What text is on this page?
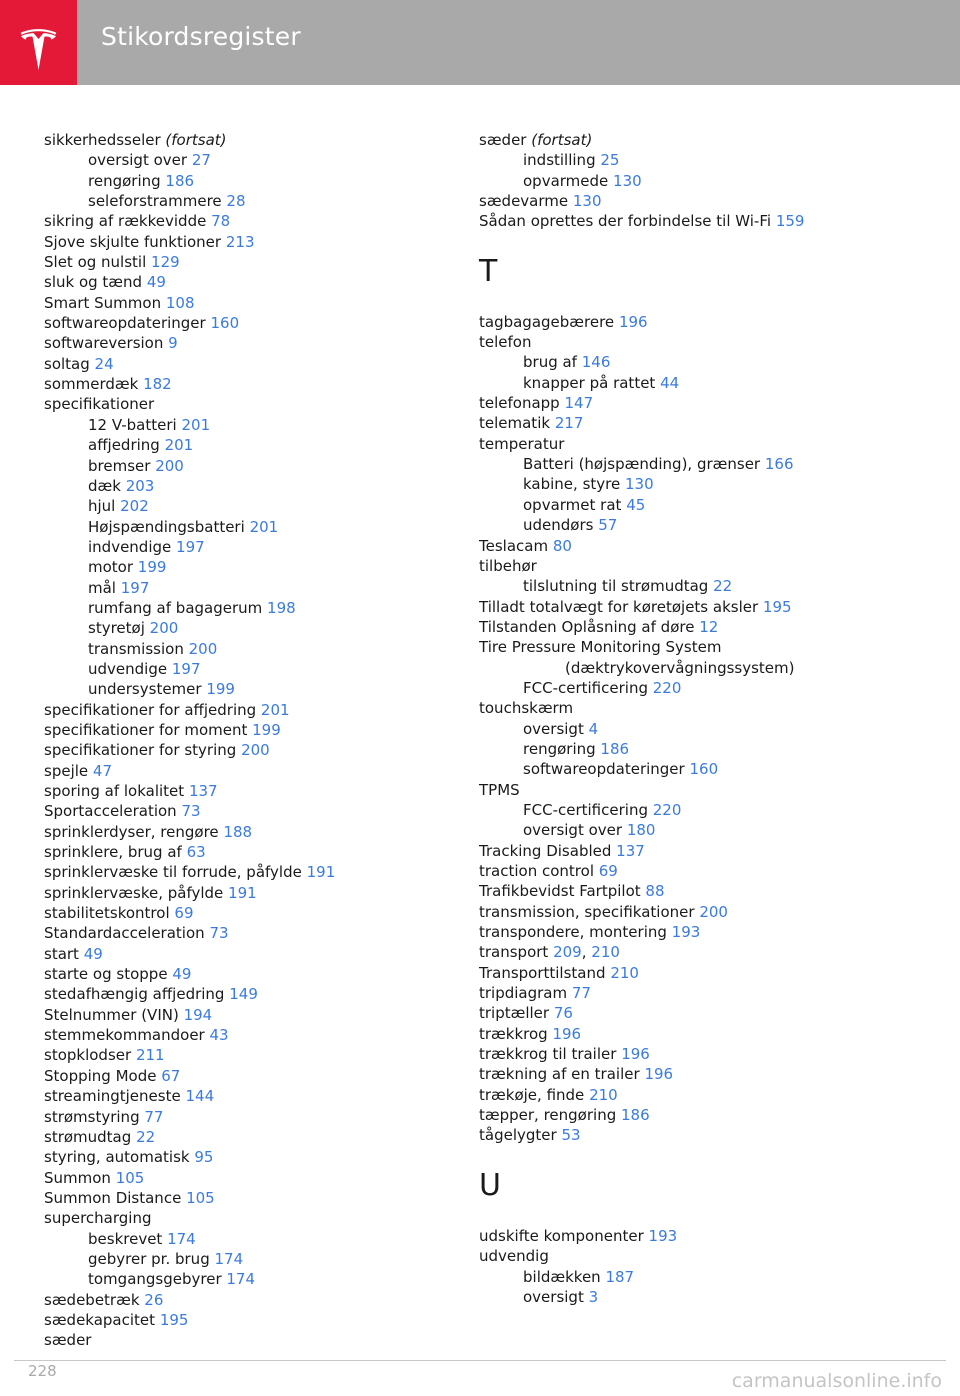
Stikordsregister
sikkerhedsseler (fortsat)
oversigt over 27
rengøring 186
seleforstrammere 28
sikring af rækkevidde 78
Sjove skjulte funktioner 213
Slet og nulstil 129
sluk og tænd 49
Smart Summon 108
softwareopdateringer 160
softwareversion 9
soltag 24
sommerdæk 182
specifikationer
12 V-batteri 201
affjedring 201
bremser 200
dæk 203
hjul 202
Højspændingsbatteri 201
indvendige 197
motor 199
mål 197
rumfang af bagagerum 198
styretøj 200
transmission 200
udvendige 197
undersystemer 199
specifikationer for affjedring 201
specifikationer for moment 199
specifikationer for styring 200
spejle 47
sporing af lokalitet 137
Sportacceleration 73
sprinklerdyser, rengøre 188
sprinklere, brug af 63
sprinklervæske til forrude, påfylde 191
sprinklervæske, påfylde 191
stabilitetskontrol 69
Standardacceleration 73
start 49
starte og stoppe 49
stedafhængig affjedring 149
Stelnummer (VIN) 194
stemmekommandoer 43
stopklodser 211
Stopping Mode 67
streamingtjeneste 144
strømstyring 77
strømudtag 22
styring, automatisk 95
Summon 105
Summon Distance 105
supercharging
beskrevet 174
gebyrer pr. brug 174
tomgangsgebyrer 174
sædebetræk 26
sædekapacitet 195
sæder
sæder (fortsat)
indstilling 25
opvarmede 130
sædevarme 130
Sådan oprettes der forbindelse til Wi-Fi 159
T
tagbagagebærere 196
telefon
brug af 146
knapper på rattet 44
telefonapp 147
telematik 217
temperatur
Batteri (højspænding), grænser 166
kabine, styre 130
opvarmet rat 45
udendørs 57
Teslacam 80
tilbehør
tilslutning til strømudtag 22
Tilladt totalvægt for køretøjets aksler 195
Tilstanden Oplåsning af døre 12
Tire Pressure Monitoring System
(dæktrykovervågningssystem)
FCC-certificering 220
touchskærm
oversigt 4
rengøring 186
softwareopdateringer 160
TPMS
FCC-certificering 220
oversigt over 180
Tracking Disabled 137
traction control 69
Trafikbevidst Fartpilot 88
transmission, specifikationer 200
transpondere, montering 193
transport 209, 210
Transporttilstand 210
tripdiagram 77
triptæller 76
trækkrog 196
trækkrog til trailer 196
trækning af en trailer 196
trækøje, finde 210
tæpper, rengøring 186
tågelygter 53
U
udskifte komponenter 193
udvendig
bildækken 187
oversigt 3
228	carmanualsonline.info
